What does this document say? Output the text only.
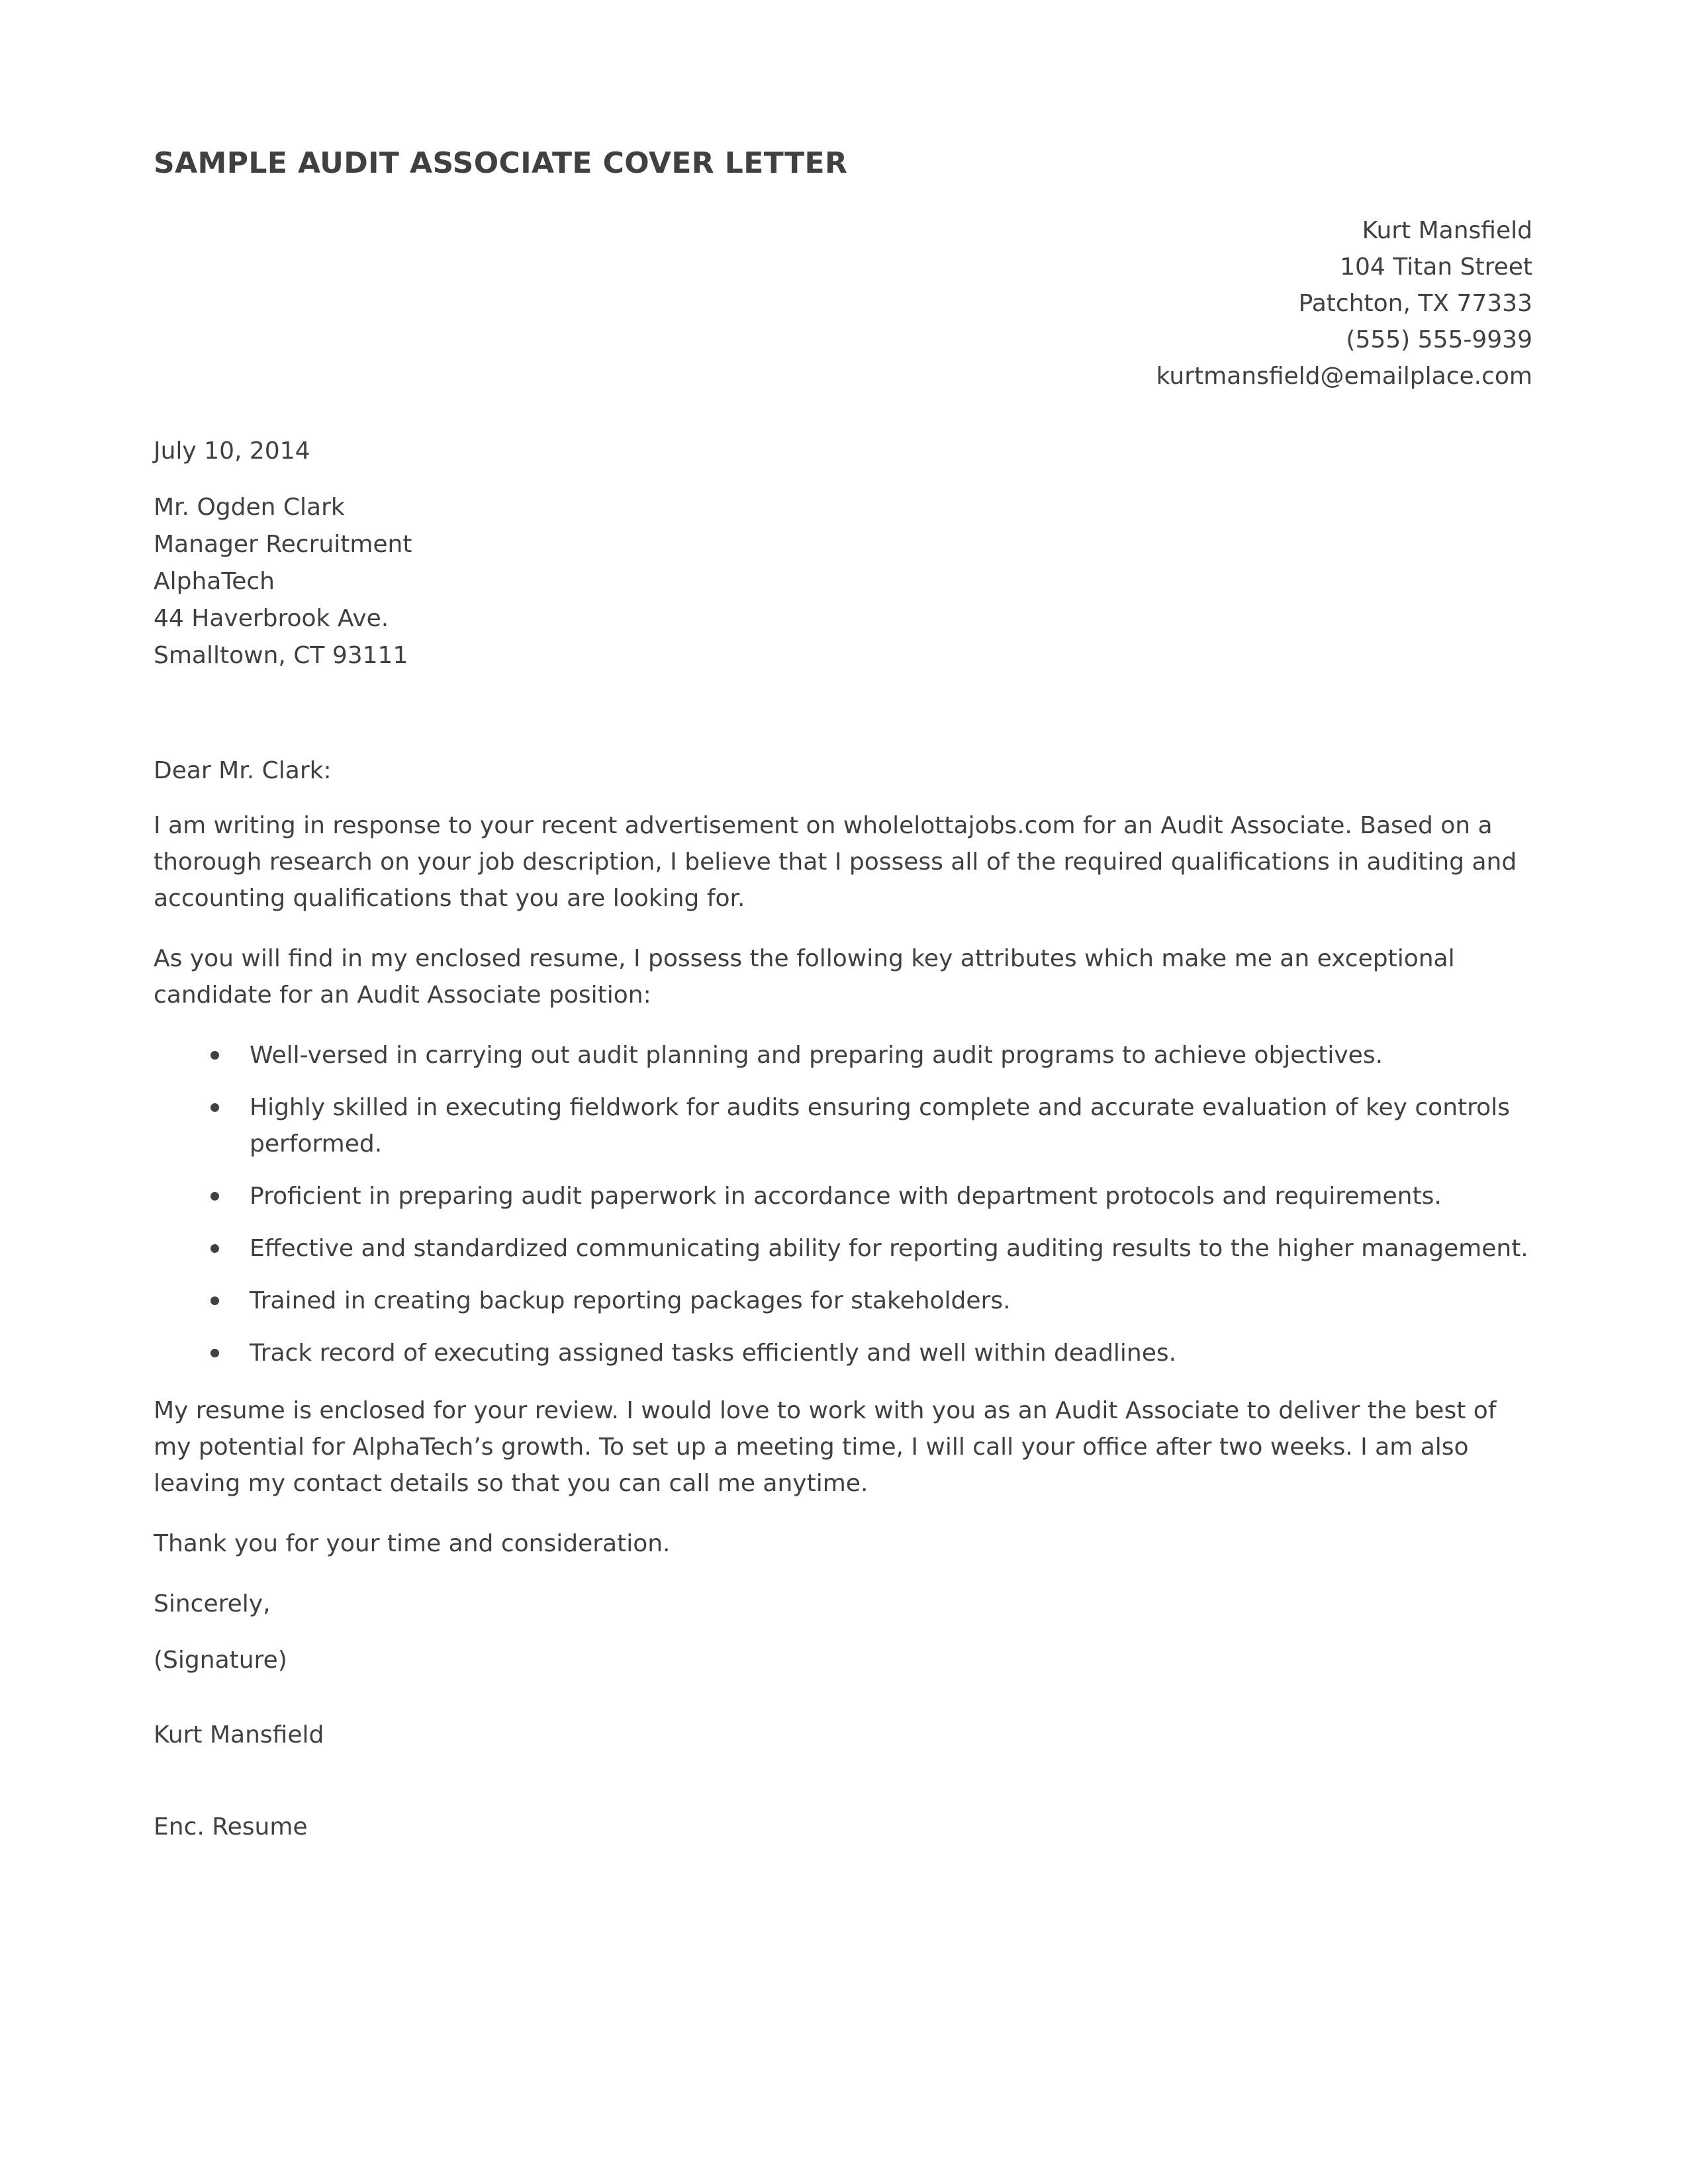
SAMPLE AUDIT ASSOCIATE COVER LETTER
Kurt Mansfield
104 Titan Street
Patchton, TX 77333
(555) 555-9939
kurtmansfield@emailplace.com
July 10, 2014
Mr. Ogden Clark
Manager Recruitment
AlphaTech
44 Haverbrook Ave.
Smalltown, CT 93111
Dear Mr. Clark:

I am writing in response to your recent advertisement on wholelottajobs.com for an Audit Associate. Based on a thorough research on your job description, I believe that I possess all of the required qualifications in auditing and accounting qualifications that you are looking for.

As you will find in my enclosed resume, I possess the following key attributes which make me an exceptional candidate for an Audit Associate position:

Well-versed in carrying out audit planning and preparing audit programs to achieve objectives.
Highly skilled in executing fieldwork for audits ensuring complete and accurate evaluation of key controls performed.
Proficient in preparing audit paperwork in accordance with department protocols and requirements.
Effective and standardized communicating ability for reporting auditing results to the higher management.
Trained in creating backup reporting packages for stakeholders.
Track record of executing assigned tasks efficiently and well within deadlines.

My resume is enclosed for your review. I would love to work with you as an Audit Associate to deliver the best of my potential for AlphaTech’s growth. To set up a meeting time, I will call your office after two weeks. I am also leaving my contact details so that you can call me anytime.

Thank you for your time and consideration.

Sincerely,
(Signature)
Kurt Mansfield
Enc. Resume
